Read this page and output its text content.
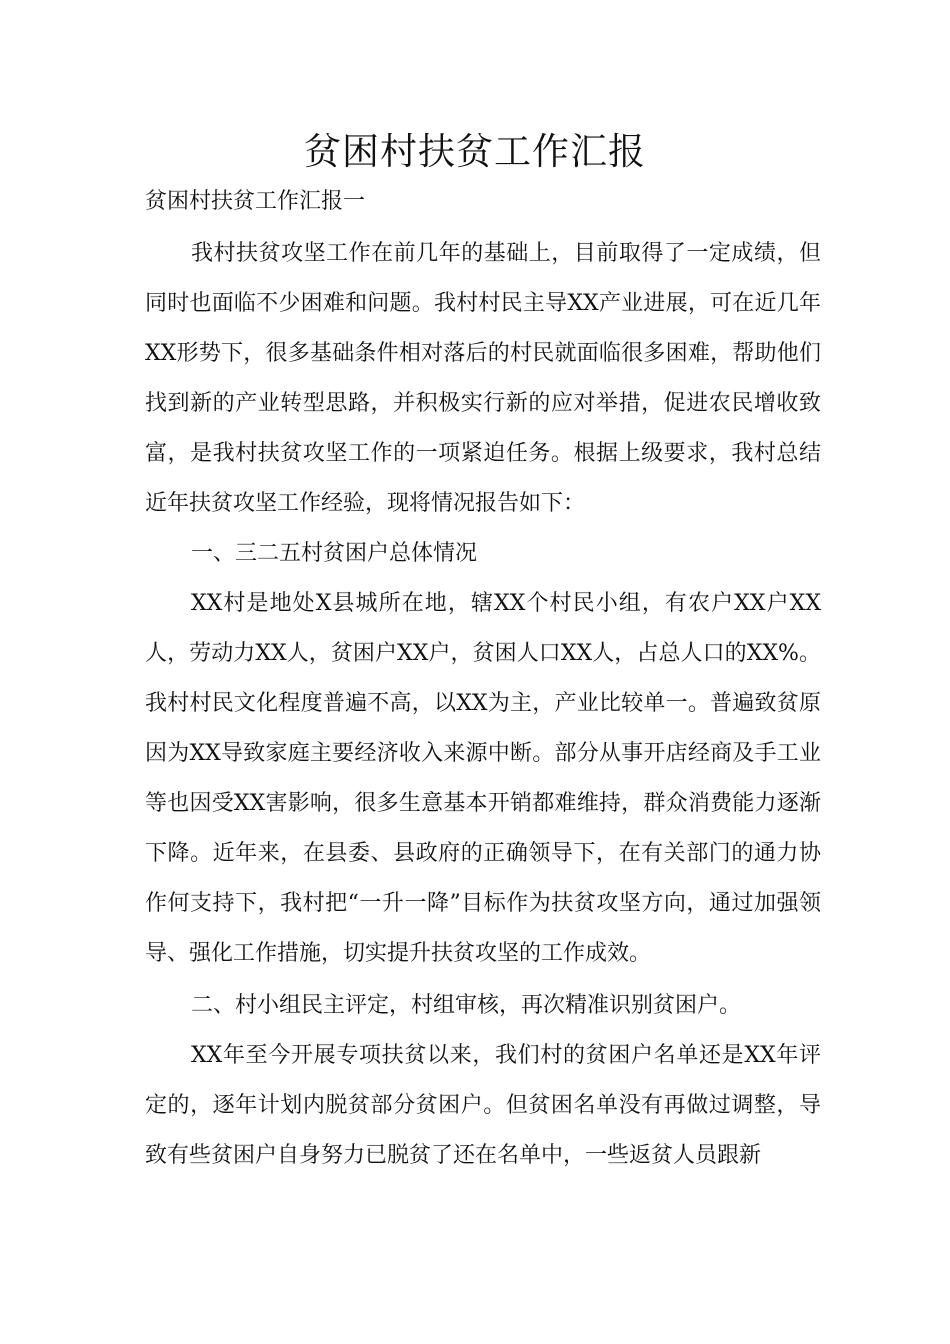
贫困村扶贫工作汇报

贫困村扶贫工作汇报一

我村扶贫攻坚工作在前几年的基础上，目前取得了一定成绩，但同时也面临不少困难和问题。我村村民主导XX产业进展，可在近几年XX形势下，很多基础条件相对落后的村民就面临很多困难，帮助他们找到新的产业转型思路，并积极实行新的应对举措，促进农民增收致富，是我村扶贫攻坚工作的一项紧迫任务。根据上级要求，我村总结近年扶贫攻坚工作经验，现将情况报告如下：

一、三二五村贫困户总体情况

XX村是地处X县城所在地，辖XX个村民小组，有农户XX户XX人，劳动力XX人，贫困户XX户，贫困人口XX人，占总人口的XX%。我村村民文化程度普遍不高，以XX为主，产业比较单一。普遍致贫原因为XX导致家庭主要经济收入来源中断。部分从事开店经商及手工业等也因受XX害影响，很多生意基本开销都难维持，群众消费能力逐渐下降。近年来，在县委、县政府的正确领导下，在有关部门的通力协作何支持下，我村把“一升一降”目标作为扶贫攻坚方向，通过加强领导、强化工作措施，切实提升扶贫攻坚的工作成效。

二、村小组民主评定，村组审核，再次精准识别贫困户。

XX年至今开展专项扶贫以来，我们村的贫困户名单还是XX年评定的，逐年计划内脱贫部分贫困户。但贫困名单没有再做过调整，导致有些贫困户自身努力已脱贫了还在名单中，一些返贫人员跟新
